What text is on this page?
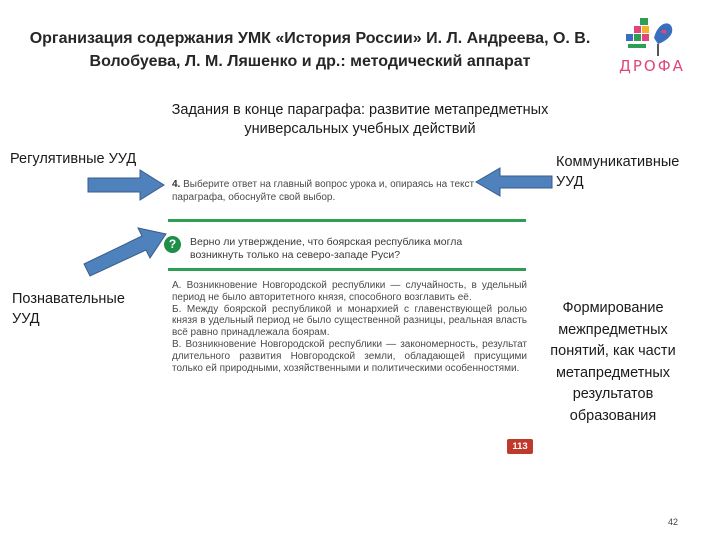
Организация содержания УМК «История России» И. Л. Андреева, О. В. Волобуева, Л. М. Ляшенко и др.: методический аппарат	ДРОФА
Задания в конце параграфа: развитие метапредметных универсальных учебных действий
Регулятивные УУД
Познавательные УУД
Коммуникативные УУД
Формирование межпредметных понятий, как части метапредметных результатов образования
4. Выберите ответ на главный вопрос урока и, опираясь на текст параграфа, обоснуйте свой выбор.
?	Верно ли утверждение, что боярская республика могла возникнуть только на северо-западе Руси?

А. Возникновение Новгородской республики — случайность, в удельный период не было авторитетного князя, способного возглавить её.

Б. Между боярской республикой и монархией с главенствующей ролью князя в удельный период не было существенной разницы, реальная власть всё равно принадлежала боярам.

В. Возникновение Новгородской республики — закономерность, результат длительного развития Новгородской земли, обладающей присущими только ей природными, хозяйственными и политическими особенностями.

113
42
